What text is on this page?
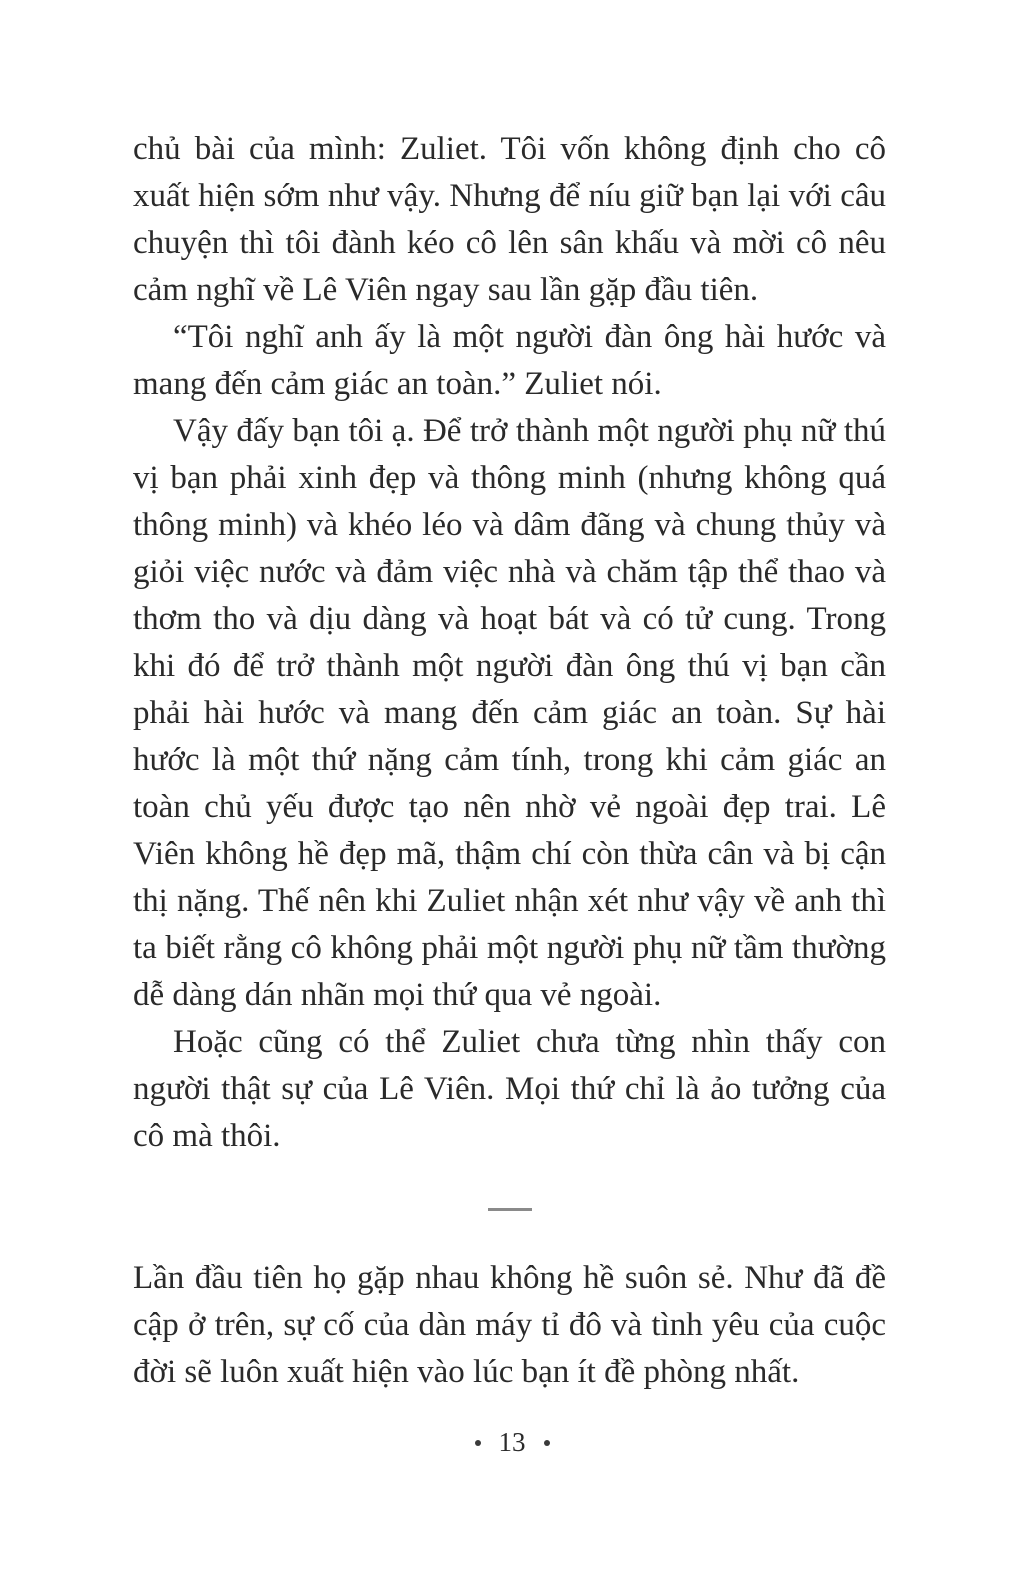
chủ bài của mình: Zuliet. Tôi vốn không định cho cô xuất hiện sớm như vậy. Nhưng để níu giữ bạn lại với câu chuyện thì tôi đành kéo cô lên sân khấu và mời cô nêu cảm nghĩ về Lê Viên ngay sau lần gặp đầu tiên.

“Tôi nghĩ anh ấy là một người đàn ông hài hước và mang đến cảm giác an toàn.” Zuliet nói.

Vậy đấy bạn tôi ạ. Để trở thành một người phụ nữ thú vị bạn phải xinh đẹp và thông minh (nhưng không quá thông minh) và khéo léo và dâm đãng và chung thủy và giỏi việc nước và đảm việc nhà và chăm tập thể thao và thơm tho và dịu dàng và hoạt bát và có tử cung. Trong khi đó để trở thành một người đàn ông thú vị bạn cần phải hài hước và mang đến cảm giác an toàn. Sự hài hước là một thứ nặng cảm tính, trong khi cảm giác an toàn chủ yếu được tạo nên nhờ vẻ ngoài đẹp trai. Lê Viên không hề đẹp mã, thậm chí còn thừa cân và bị cận thị nặng. Thế nên khi Zuliet nhận xét như vậy về anh thì ta biết rằng cô không phải một người phụ nữ tầm thường dễ dàng dán nhãn mọi thứ qua vẻ ngoài.

Hoặc cũng có thể Zuliet chưa từng nhìn thấy con người thật sự của Lê Viên. Mọi thứ chỉ là ảo tưởng của cô mà thôi.

Lần đầu tiên họ gặp nhau không hề suôn sẻ. Như đã đề cập ở trên, sự cố của dàn máy tỉ đô và tình yêu của cuộc đời sẽ luôn xuất hiện vào lúc bạn ít đề phòng nhất.

13
